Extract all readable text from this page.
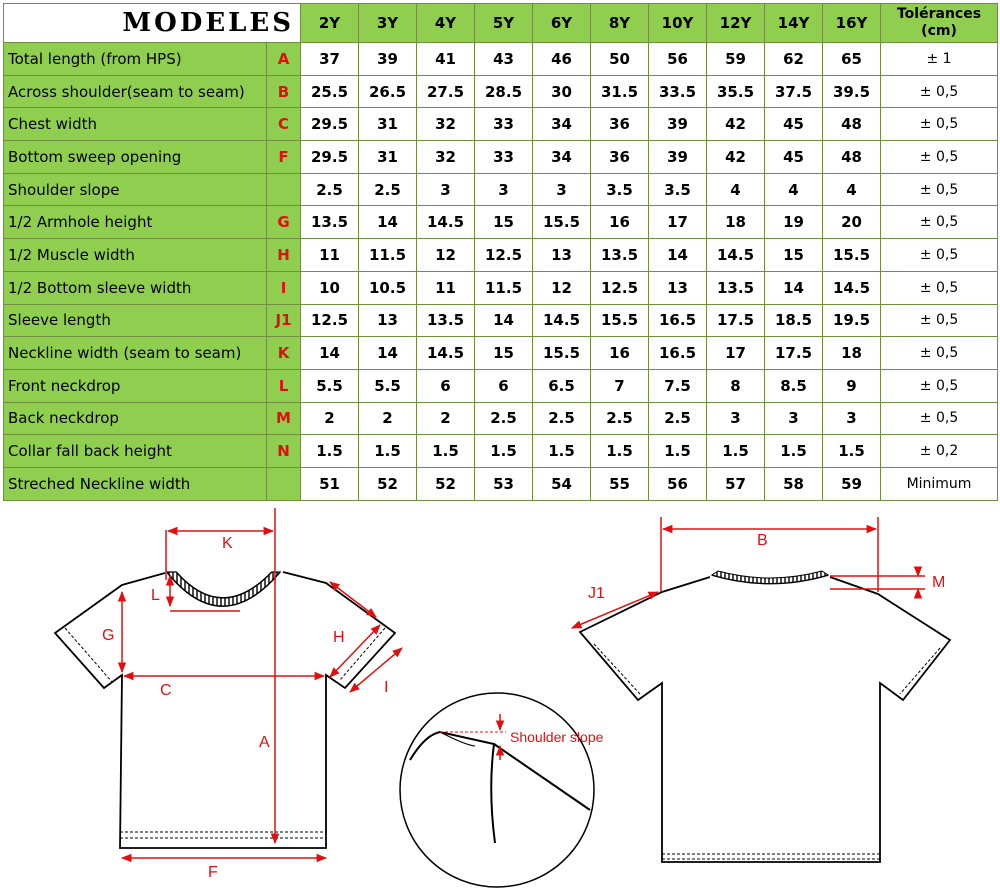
MODELES		2Y	3Y	4Y	5Y	6Y	8Y	10Y	12Y	14Y	16Y	Tolérances (cm)
Total length (from HPS)	A	37	39	41	43	46	50	56	59	62	65	± 1
Across shoulder(seam to seam)	B	25.5	26.5	27.5	28.5	30	31.5	33.5	35.5	37.5	39.5	± 0,5
Chest width	C	29.5	31	32	33	34	36	39	42	45	48	± 0,5
Bottom sweep opening	F	29.5	31	32	33	34	36	39	42	45	48	± 0,5
Shoulder slope		2.5	2.5	3	3	3	3.5	3.5	4	4	4	± 0,5
1/2 Armhole height	G	13.5	14	14.5	15	15.5	16	17	18	19	20	± 0,5
1/2 Muscle width	H	11	11.5	12	12.5	13	13.5	14	14.5	15	15.5	± 0,5
1/2 Bottom sleeve width	I	10	10.5	11	11.5	12	12.5	13	13.5	14	14.5	± 0,5
Sleeve length	J1	12.5	13	13.5	14	14.5	15.5	16.5	17.5	18.5	19.5	± 0,5
Neckline width (seam to seam)	K	14	14	14.5	15	15.5	16	16.5	17	17.5	18	± 0,5
Front neckdrop	L	5.5	5.5	6	6	6.5	7	7.5	8	8.5	9	± 0,5
Back neckdrop	M	2	2	2	2.5	2.5	2.5	2.5	3	3	3	± 0,5
Collar fall back height	N	1.5	1.5	1.5	1.5	1.5	1.5	1.5	1.5	1.5	1.5	± 0,2
Streched Neckline width		51	52	52	53	54	55	56	57	58	59	Minimum
K
L
G	H
C	I
A
F
Shoulder slope
B
J1
M
